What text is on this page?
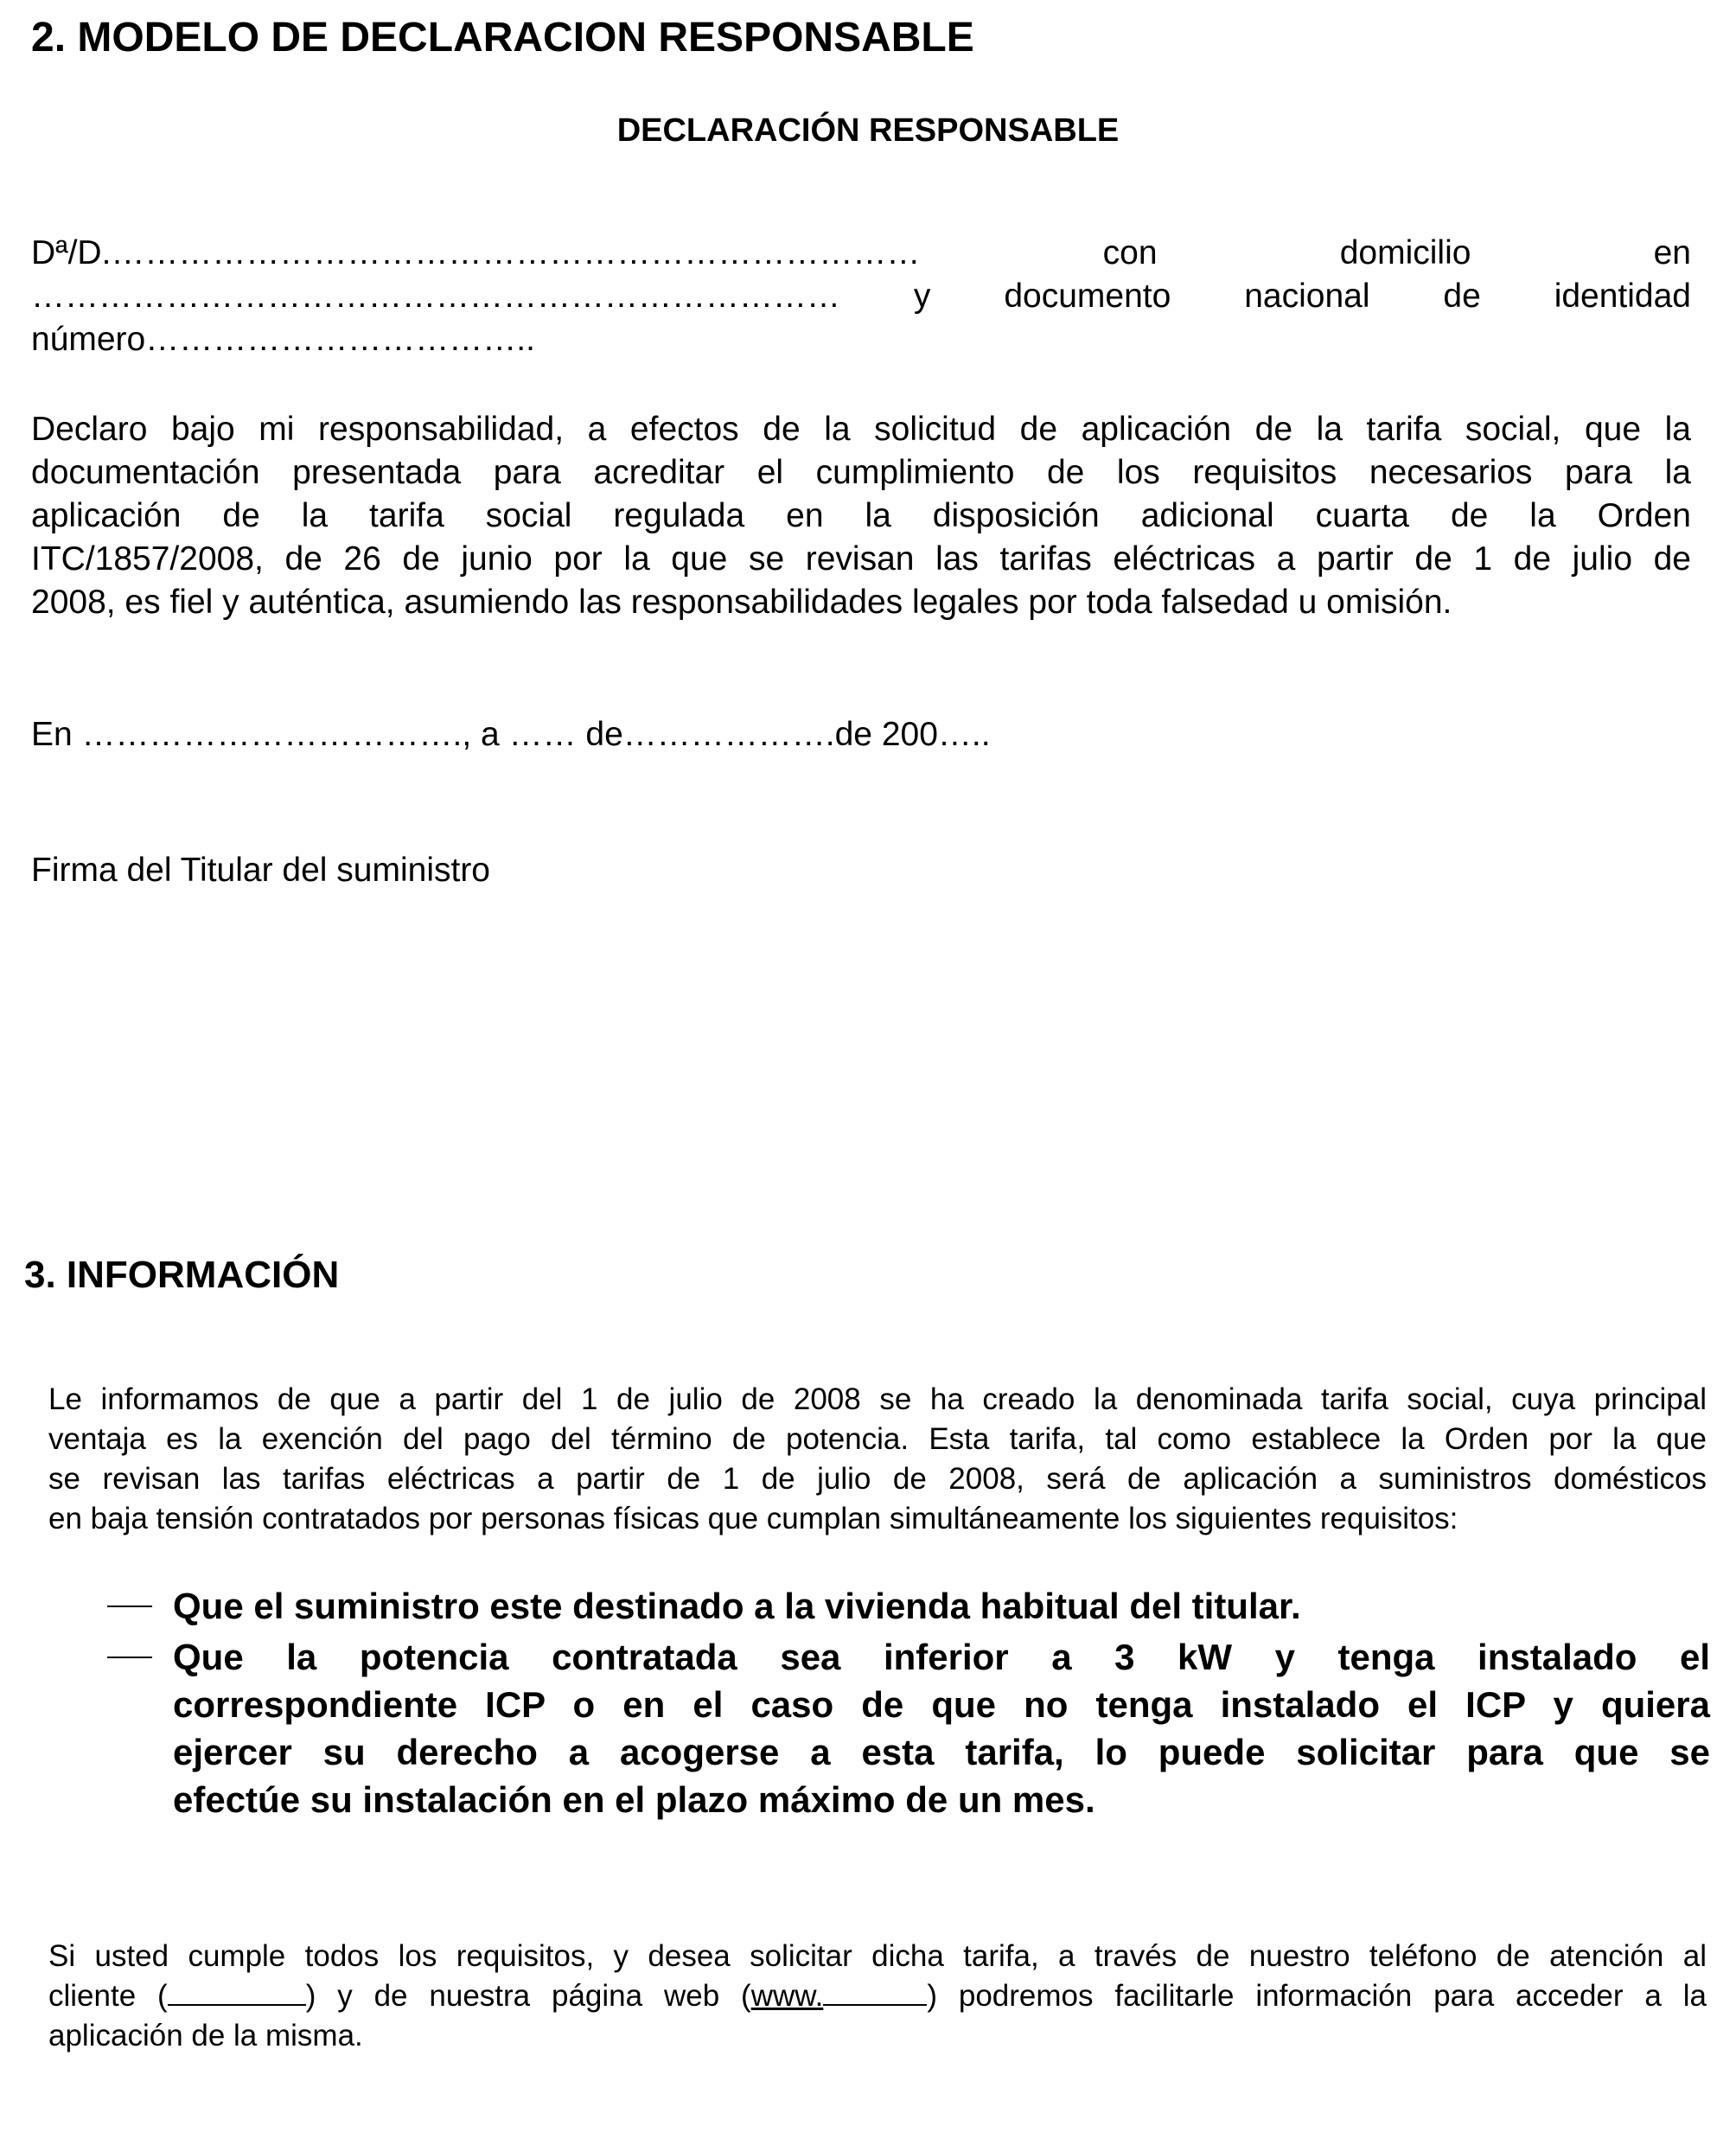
2. MODELO DE DECLARACION RESPONSABLE
DECLARACIÓN RESPONSABLE
Dª/D.……………………………………………………………… con domicilio en
……………………………………………………………… y documento nacional de identidad
número……………………………..
Declaro bajo mi responsabilidad, a efectos de la solicitud de aplicación de la tarifa social, que la
documentación presentada para acreditar el cumplimiento de los requisitos necesarios para la
aplicación de la tarifa social regulada en la disposición adicional cuarta de la Orden
ITC/1857/2008, de 26 de junio por la que se revisan las tarifas eléctricas a partir de 1 de julio de
2008, es fiel y auténtica, asumiendo las responsabilidades legales por toda falsedad u omisión.
En ……………………………., a …… de……………….de 200…..
Firma del Titular del suministro
3. INFORMACIÓN
Le informamos de que a partir del 1 de julio de 2008 se ha creado la denominada tarifa social, cuya principal
ventaja es la exención del pago del término de potencia. Esta tarifa, tal como establece la Orden por la que
se revisan las tarifas eléctricas a partir de 1 de julio de 2008, será de aplicación a suministros domésticos
en baja tensión contratados por personas físicas que cumplan simultáneamente los siguientes requisitos:
Que el suministro este destinado a la vivienda habitual del titular.
Que la potencia contratada sea inferior a 3 kW y tenga instalado el
correspondiente ICP o en el caso de que no tenga instalado el ICP y quiera
ejercer su derecho a acogerse a esta tarifa, lo puede solicitar para que se
efectúe su instalación en el plazo máximo de un mes.
Si usted cumple todos los requisitos, y desea solicitar dicha tarifa, a través de nuestro teléfono de atención al
cliente (	) y de nuestra página web (www.	) podremos facilitarle información para acceder a la
aplicación de la misma.
